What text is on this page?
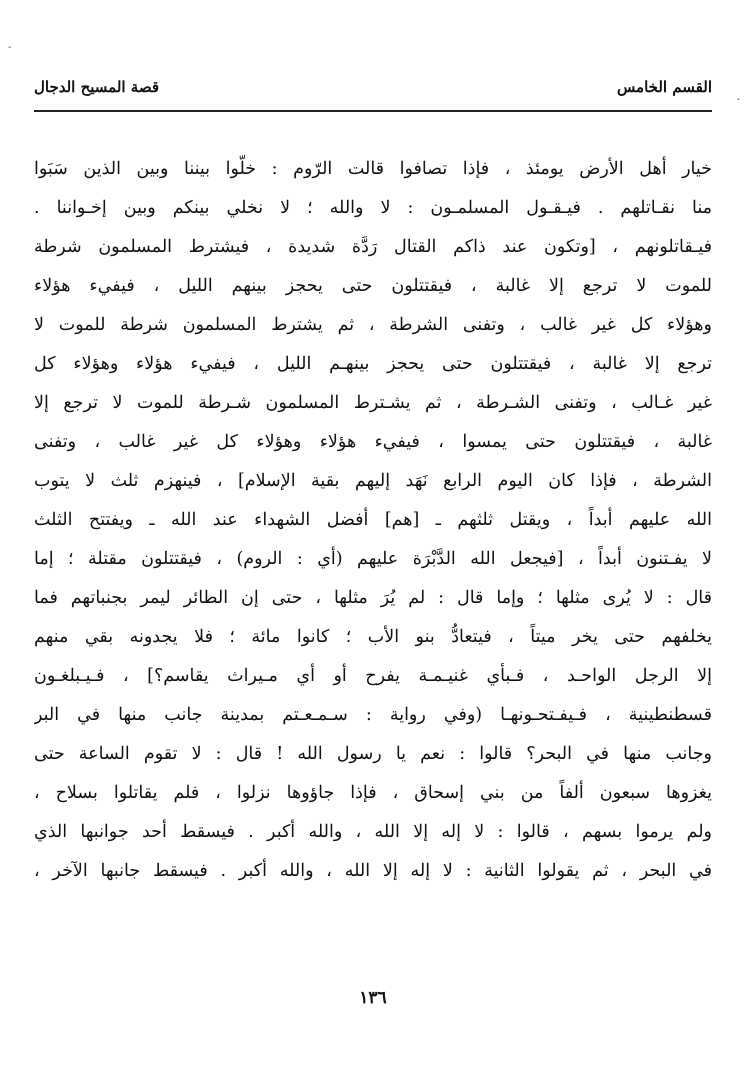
-
-
القسم الخامس
قصة المسيح الدجال
خيار أهل الأرض يومئذ ، فإذا تصافوا قالت الرّوم : خلّوا بيننا وبين الذين سَبَوا
منا نقـاتلهم . فيـقـول المسلمـون : لا والله ؛ لا نخلي بينكم وبين إخـواننا .
فيـقاتلونهم ، [وتكون عند ذاكم القتال رَدَّة شديدة ، فيشترط المسلمون شرطة
للموت لا ترجع إلا غالبة ، فيقتتلون حتى يحجز بينهم الليل ، فيفيء هؤلاء
وهؤلاء كل غير غالب ، وتفنى الشرطة ، ثم يشترط المسلمون شرطة للموت لا
ترجع إلا غالبة ، فيقتتلون حتى يحجز بينهـم الليل ، فيفيء هؤلاء وهؤلاء كل
غير غـالب ، وتفنى الشـرطة ، ثم يشـترط المسلمون شـرطة للموت لا ترجع إلا
غالبة ، فيقتتلون حتى يمسوا ، فيفيء هؤلاء وهؤلاء كل غير غالب ، وتفنى
الشرطة ، فإذا كان اليوم الرابع نَهَد إليهم بقية الإسلام] ، فينهزم ثلث لا يتوب
الله عليهم أبداً ، ويقتل ثلثهم ـ [هم] أفضل الشهداء عند الله ـ ويفتتح الثلث
لا يفـتنون أبداً ، [فيجعل الله الدَّبْرَة عليهم (أي : الروم) ، فيقتتلون مقتلة ؛ إما
قال : لا يُرى مثلها ؛ وإما قال : لم يُرَ مثلها ، حتى إن الطائر ليمر بجنباتهم فما
يخلفهم حتى يخر ميتاً ، فيتعادُّ بنو الأب ؛ كانوا مائة ؛ فلا يجدونه بقي منهم
إلا الرجل الواحـد ، فـبأي غنيـمـة يفرح أو أي مـيراث يقاسم؟] ، فـيـبلغـون
قسطنطينية ، فـيفـتحـونهـا (وفي رواية : سـمـعـتم بمدينة جانب منها في البر
وجانب منها في البحر؟ قالوا : نعم يا رسول الله ! قال : لا تقوم الساعة حتى
يغزوها سبعون ألفاً من بني إسحاق ، فإذا جاؤوها نزلوا ، فلم يقاتلوا بسلاح ،
ولم يرموا بسهم ، قالوا : لا إله إلا الله ، والله أكبر . فيسقط أحد جوانبها الذي
في البحر ، ثم يقولوا الثانية : لا إله إلا الله ، والله أكبر . فيسقط جانبها الآخر ،
١٣٦
